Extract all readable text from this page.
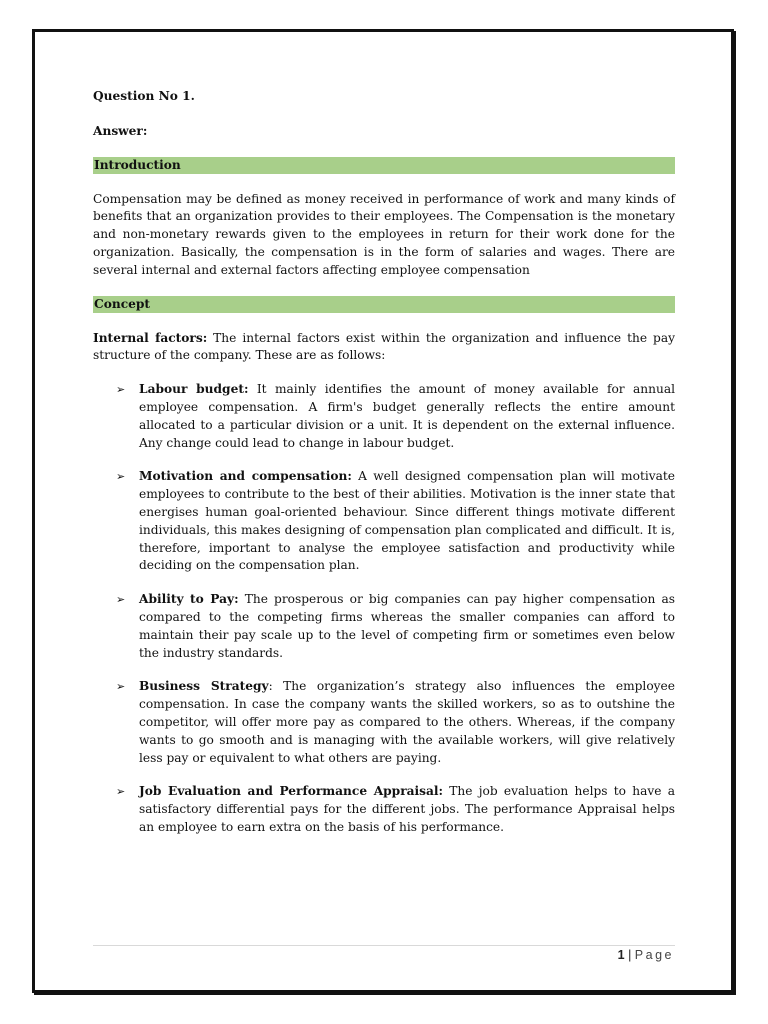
Question No 1.

Answer:

Introduction

Compensation may be defined as money received in performance of work and many kinds of benefits that an organization provides to their employees. The Compensation is the monetary and non-monetary rewards given to the employees in return for their work done for the organization. Basically, the compensation is in the form of salaries and wages. There are several internal and external factors affecting employee compensation

Concept

Internal factors: The internal factors exist within the organization and influence the pay structure of the company. These are as follows:

➢ Labour budget: It mainly identifies the amount of money available for annual employee compensation. A firm's budget generally reflects the entire amount allocated to a particular division or a unit. It is dependent on the external influence. Any change could lead to change in labour budget.
➢ Motivation and compensation: A well designed compensation plan will motivate employees to contribute to the best of their abilities. Motivation is the inner state that energises human goal-oriented behaviour. Since different things motivate different individuals, this makes designing of compensation plan complicated and difficult. It is, therefore, important to analyse the employee satisfaction and productivity while deciding on the compensation plan.
➢ Ability to Pay: The prosperous or big companies can pay higher compensation as compared to the competing firms whereas the smaller companies can afford to maintain their pay scale up to the level of competing firm or sometimes even below the industry standards.
➢ Business Strategy: The organization’s strategy also influences the employee compensation. In case the company wants the skilled workers, so as to outshine the competitor, will offer more pay as compared to the others. Whereas, if the company wants to go smooth and is managing with the available workers, will give relatively less pay or equivalent to what others are paying.
➢ Job Evaluation and Performance Appraisal: The job evaluation helps to have a satisfactory differential pays for the different jobs. The performance Appraisal helps an employee to earn extra on the basis of his performance.
1 | Page
